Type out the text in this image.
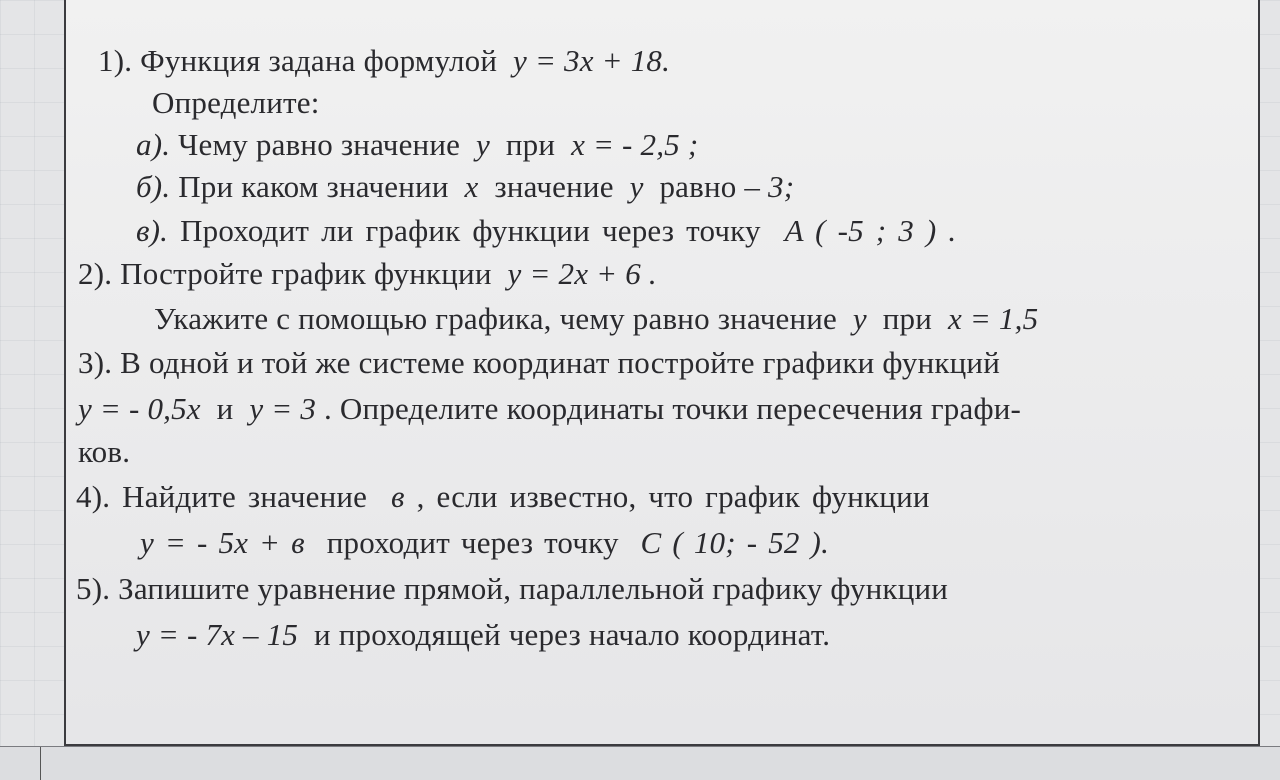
1). Функция задана формулой y = 3x + 18.
Определите:
а). Чему равно значение y при x = - 2,5 ;
б). При каком значении x значение y равно – 3;
в). Проходит ли график функции через точку A ( -5 ; 3 ) .
2). Постройте график функции y = 2x + 6 .
Укажите с помощью графика, чему равно значение y при x = 1,5
3). В одной и той же системе координат постройте графики функций
y = - 0,5x и y = 3 . Определите координаты точки пересечения графи-
ков.
4). Найдите значение в , если известно, что график функции
y = - 5x + в проходит через точку C ( 10; - 52 ).
5). Запишите уравнение прямой, параллельной графику функции
y = - 7x – 15 и проходящей через начало координат.
